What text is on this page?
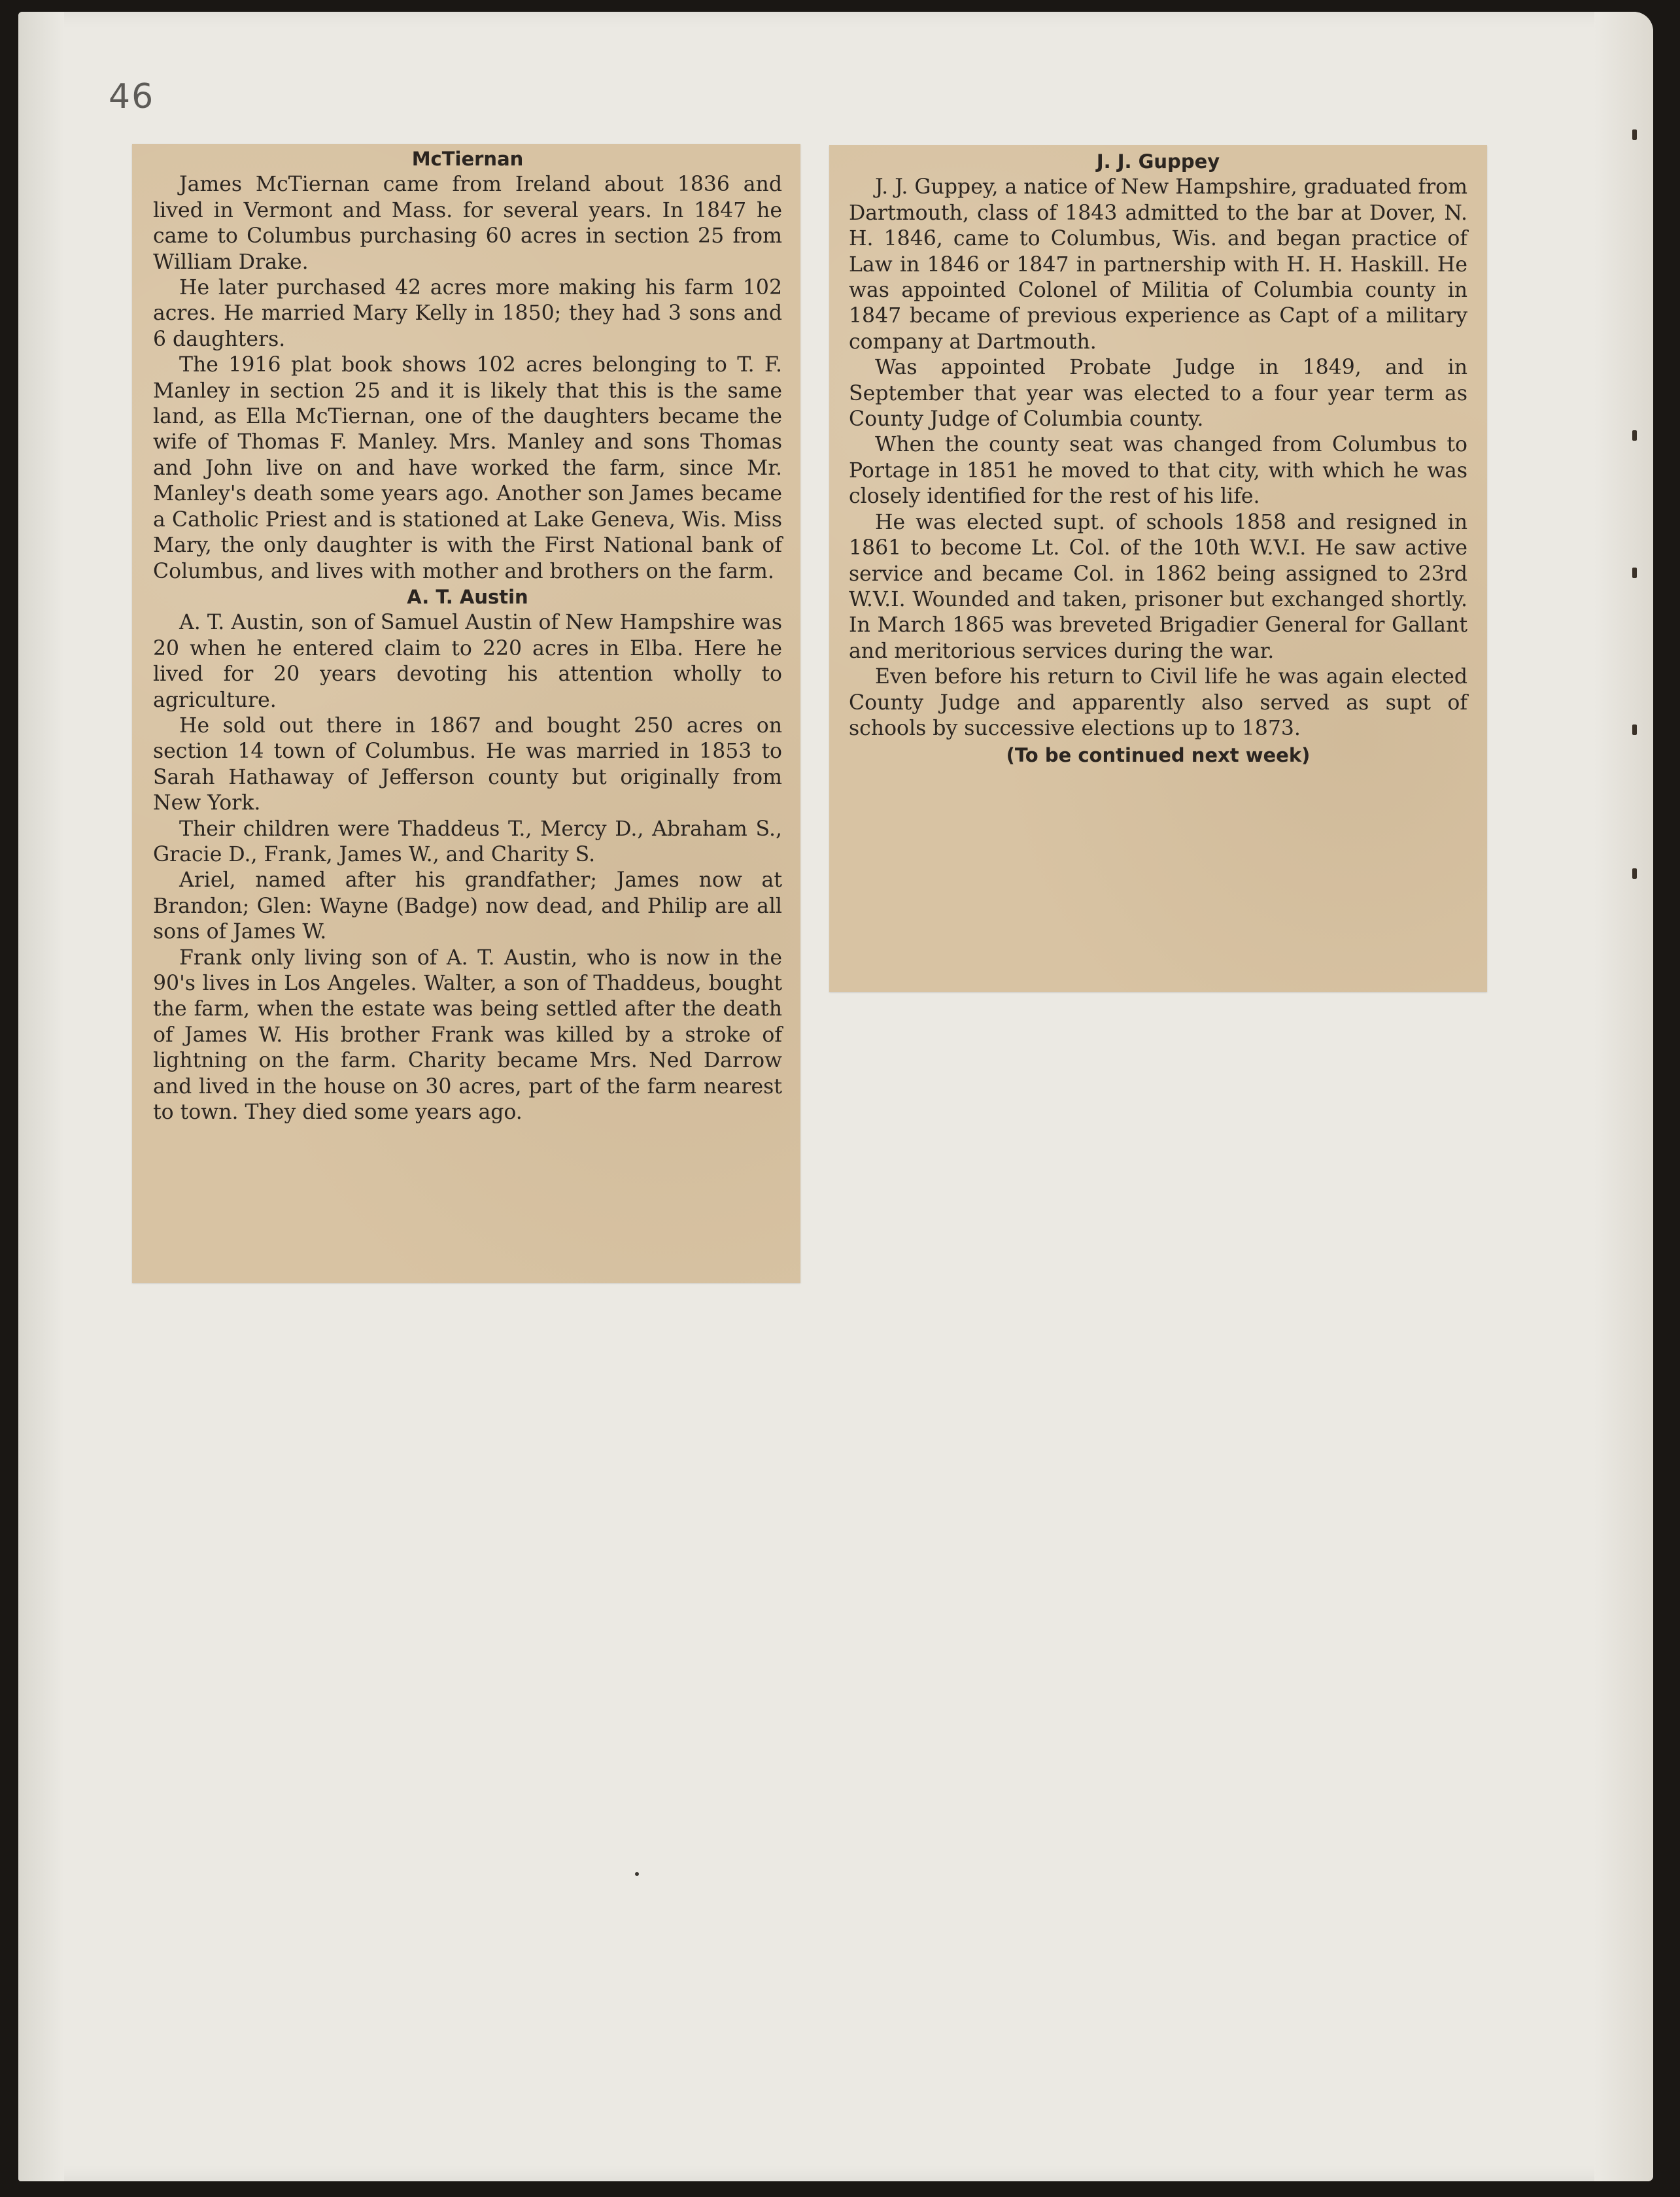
46
McTiernan

James McTiernan came from Ireland about 1836 and lived in Vermont and Mass. for several years. In 1847 he came to Columbus purchasing 60 acres in section 25 from William Drake.

He later purchased 42 acres more making his farm 102 acres. He married Mary Kelly in 1850; they had 3 sons and 6 daughters.

The 1916 plat book shows 102 acres belonging to T. F. Manley in section 25 and it is likely that this is the same land, as Ella McTiernan, one of the daughters became the wife of Thomas F. Manley. Mrs. Manley and sons Thomas and John live on and have worked the farm, since Mr. Manley's death some years ago. Another son James became a Catholic Priest and is stationed at Lake Geneva, Wis. Miss Mary, the only daughter is with the First National bank of Columbus, and lives with mother and brothers on the farm.

A. T. Austin

A. T. Austin, son of Samuel Austin of New Hampshire was 20 when he entered claim to 220 acres in Elba. Here he lived for 20 years devoting his attention wholly to agriculture.

He sold out there in 1867 and bought 250 acres on section 14 town of Columbus. He was married in 1853 to Sarah Hathaway of Jefferson county but originally from New York.

Their children were Thaddeus T., Mercy D., Abraham S., Gracie D., Frank, James W., and Charity S.

Ariel, named after his grandfather; James now at Brandon; Glen: Wayne (Badge) now dead, and Philip are all sons of James W.

Frank only living son of A. T. Austin, who is now in the 90's lives in Los Angeles. Walter, a son of Thaddeus, bought the farm, when the estate was being settled after the death of James W. His brother Frank was killed by a stroke of lightning on the farm. Charity became Mrs. Ned Darrow and lived in the house on 30 acres, part of the farm nearest to town. They died some years ago.

J. J. Guppey

J. J. Guppey, a natice of New Hampshire, graduated from Dartmouth, class of 1843 admitted to the bar at Dover, N. H. 1846, came to Columbus, Wis. and began practice of Law in 1846 or 1847 in partnership with H. H. Haskill. He was appointed Colonel of Militia of Columbia county in 1847 became of previous experience as Capt of a military company at Dartmouth.

Was appointed Probate Judge in 1849, and in September that year was elected to a four year term as County Judge of Columbia county.

When the county seat was changed from Columbus to Portage in 1851 he moved to that city, with which he was closely identified for the rest of his life.

He was elected supt. of schools 1858 and resigned in 1861 to become Lt. Col. of the 10th W.V.I. He saw active service and became Col. in 1862 being assigned to 23rd W.V.I. Wounded and taken, prisoner but exchanged shortly. In March 1865 was breveted Brigadier General for Gallant and meritorious services during the war.

Even before his return to Civil life he was again elected County Judge and apparently also served as supt of schools by successive elections up to 1873.

(To be continued next week)
